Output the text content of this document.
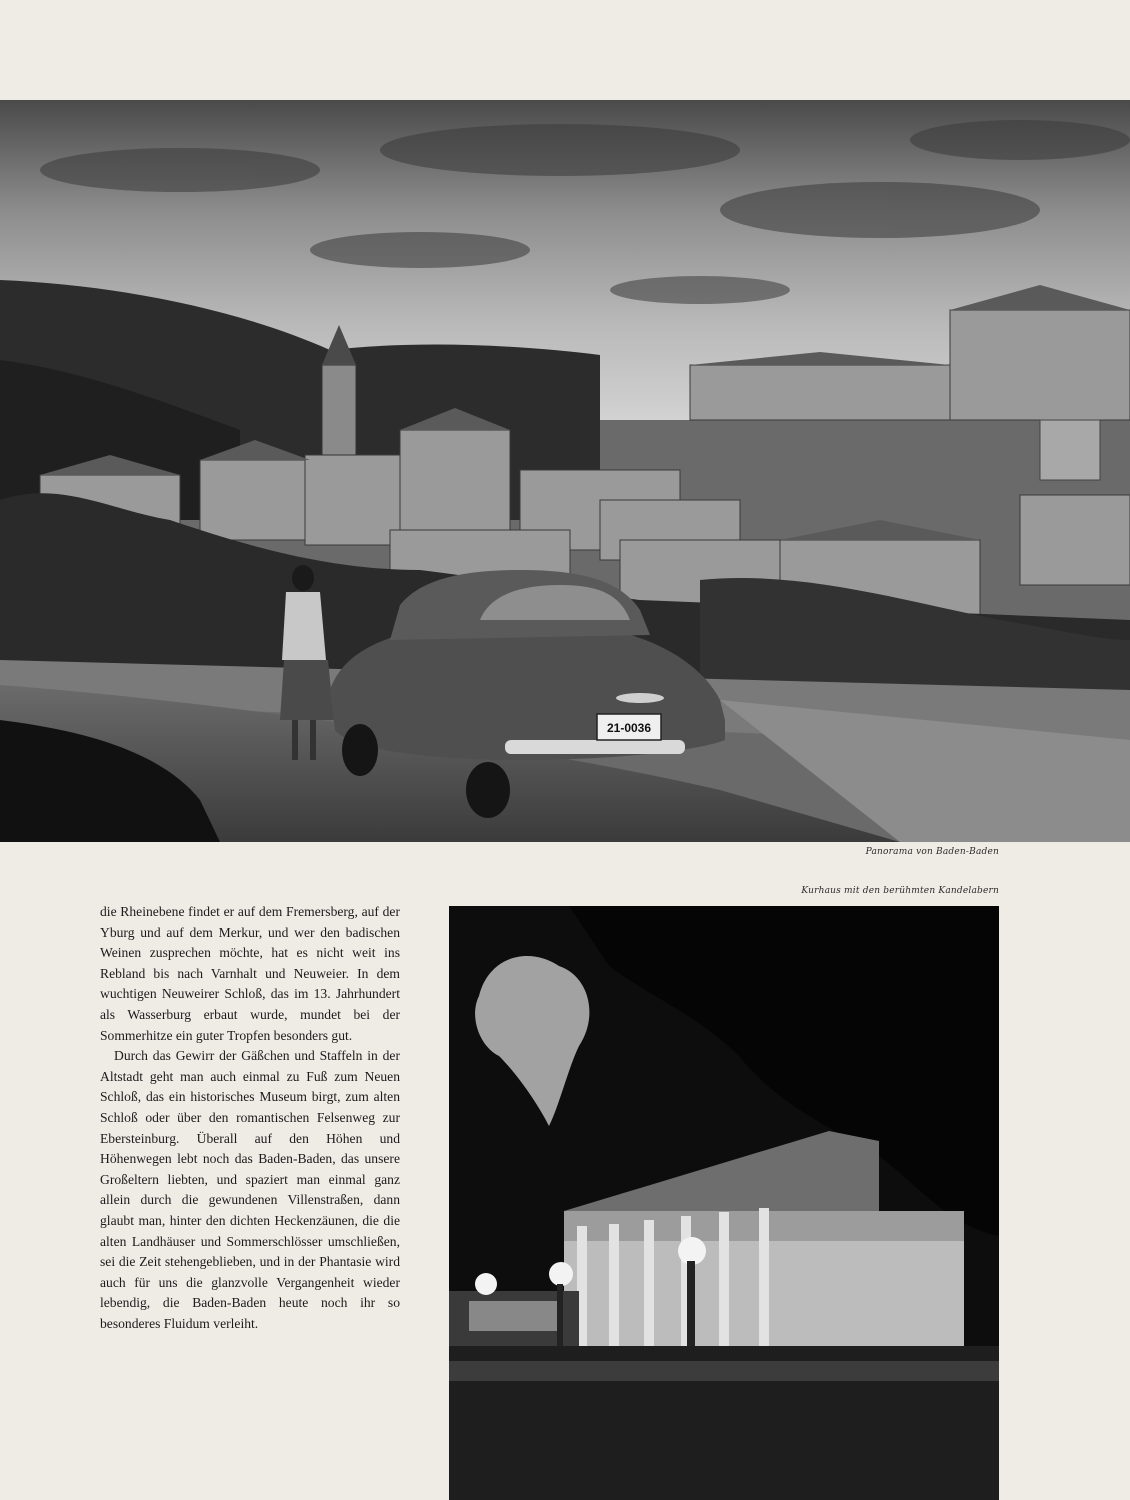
21-0036
Panorama von Baden-Baden
Kurhaus mit den berühmten Kandelabern

die Rheinebene findet er auf dem Fremersberg, auf der Yburg und auf dem Merkur, und wer den badischen Weinen zusprechen möchte, hat es nicht weit ins Rebland bis nach Varnhalt und Neuweier. In dem wuchtigen Neuweirer Schloß, das im 13. Jahrhundert als Wasserburg erbaut wurde, mundet bei der Sommerhitze ein guter Tropfen besonders gut.

Durch das Gewirr der Gäßchen und Staffeln in der Altstadt geht man auch einmal zu Fuß zum Neuen Schloß, das ein historisches Museum birgt, zum alten Schloß oder über den romantischen Felsenweg zur Ebersteinburg. Überall auf den Höhen und Höhenwegen lebt noch das Baden-Baden, das unsere Großeltern liebten, und spaziert man einmal ganz allein durch die gewundenen Villenstraßen, dann glaubt man, hinter den dichten Heckenzäunen, die die alten Landhäuser und Sommerschlösser umschließen, sei die Zeit stehengeblieben, und in der Phantasie wird auch für uns die glanzvolle Vergangenheit wieder lebendig, die Baden-Baden heute noch ihr so besonderes Fluidum verleiht.
